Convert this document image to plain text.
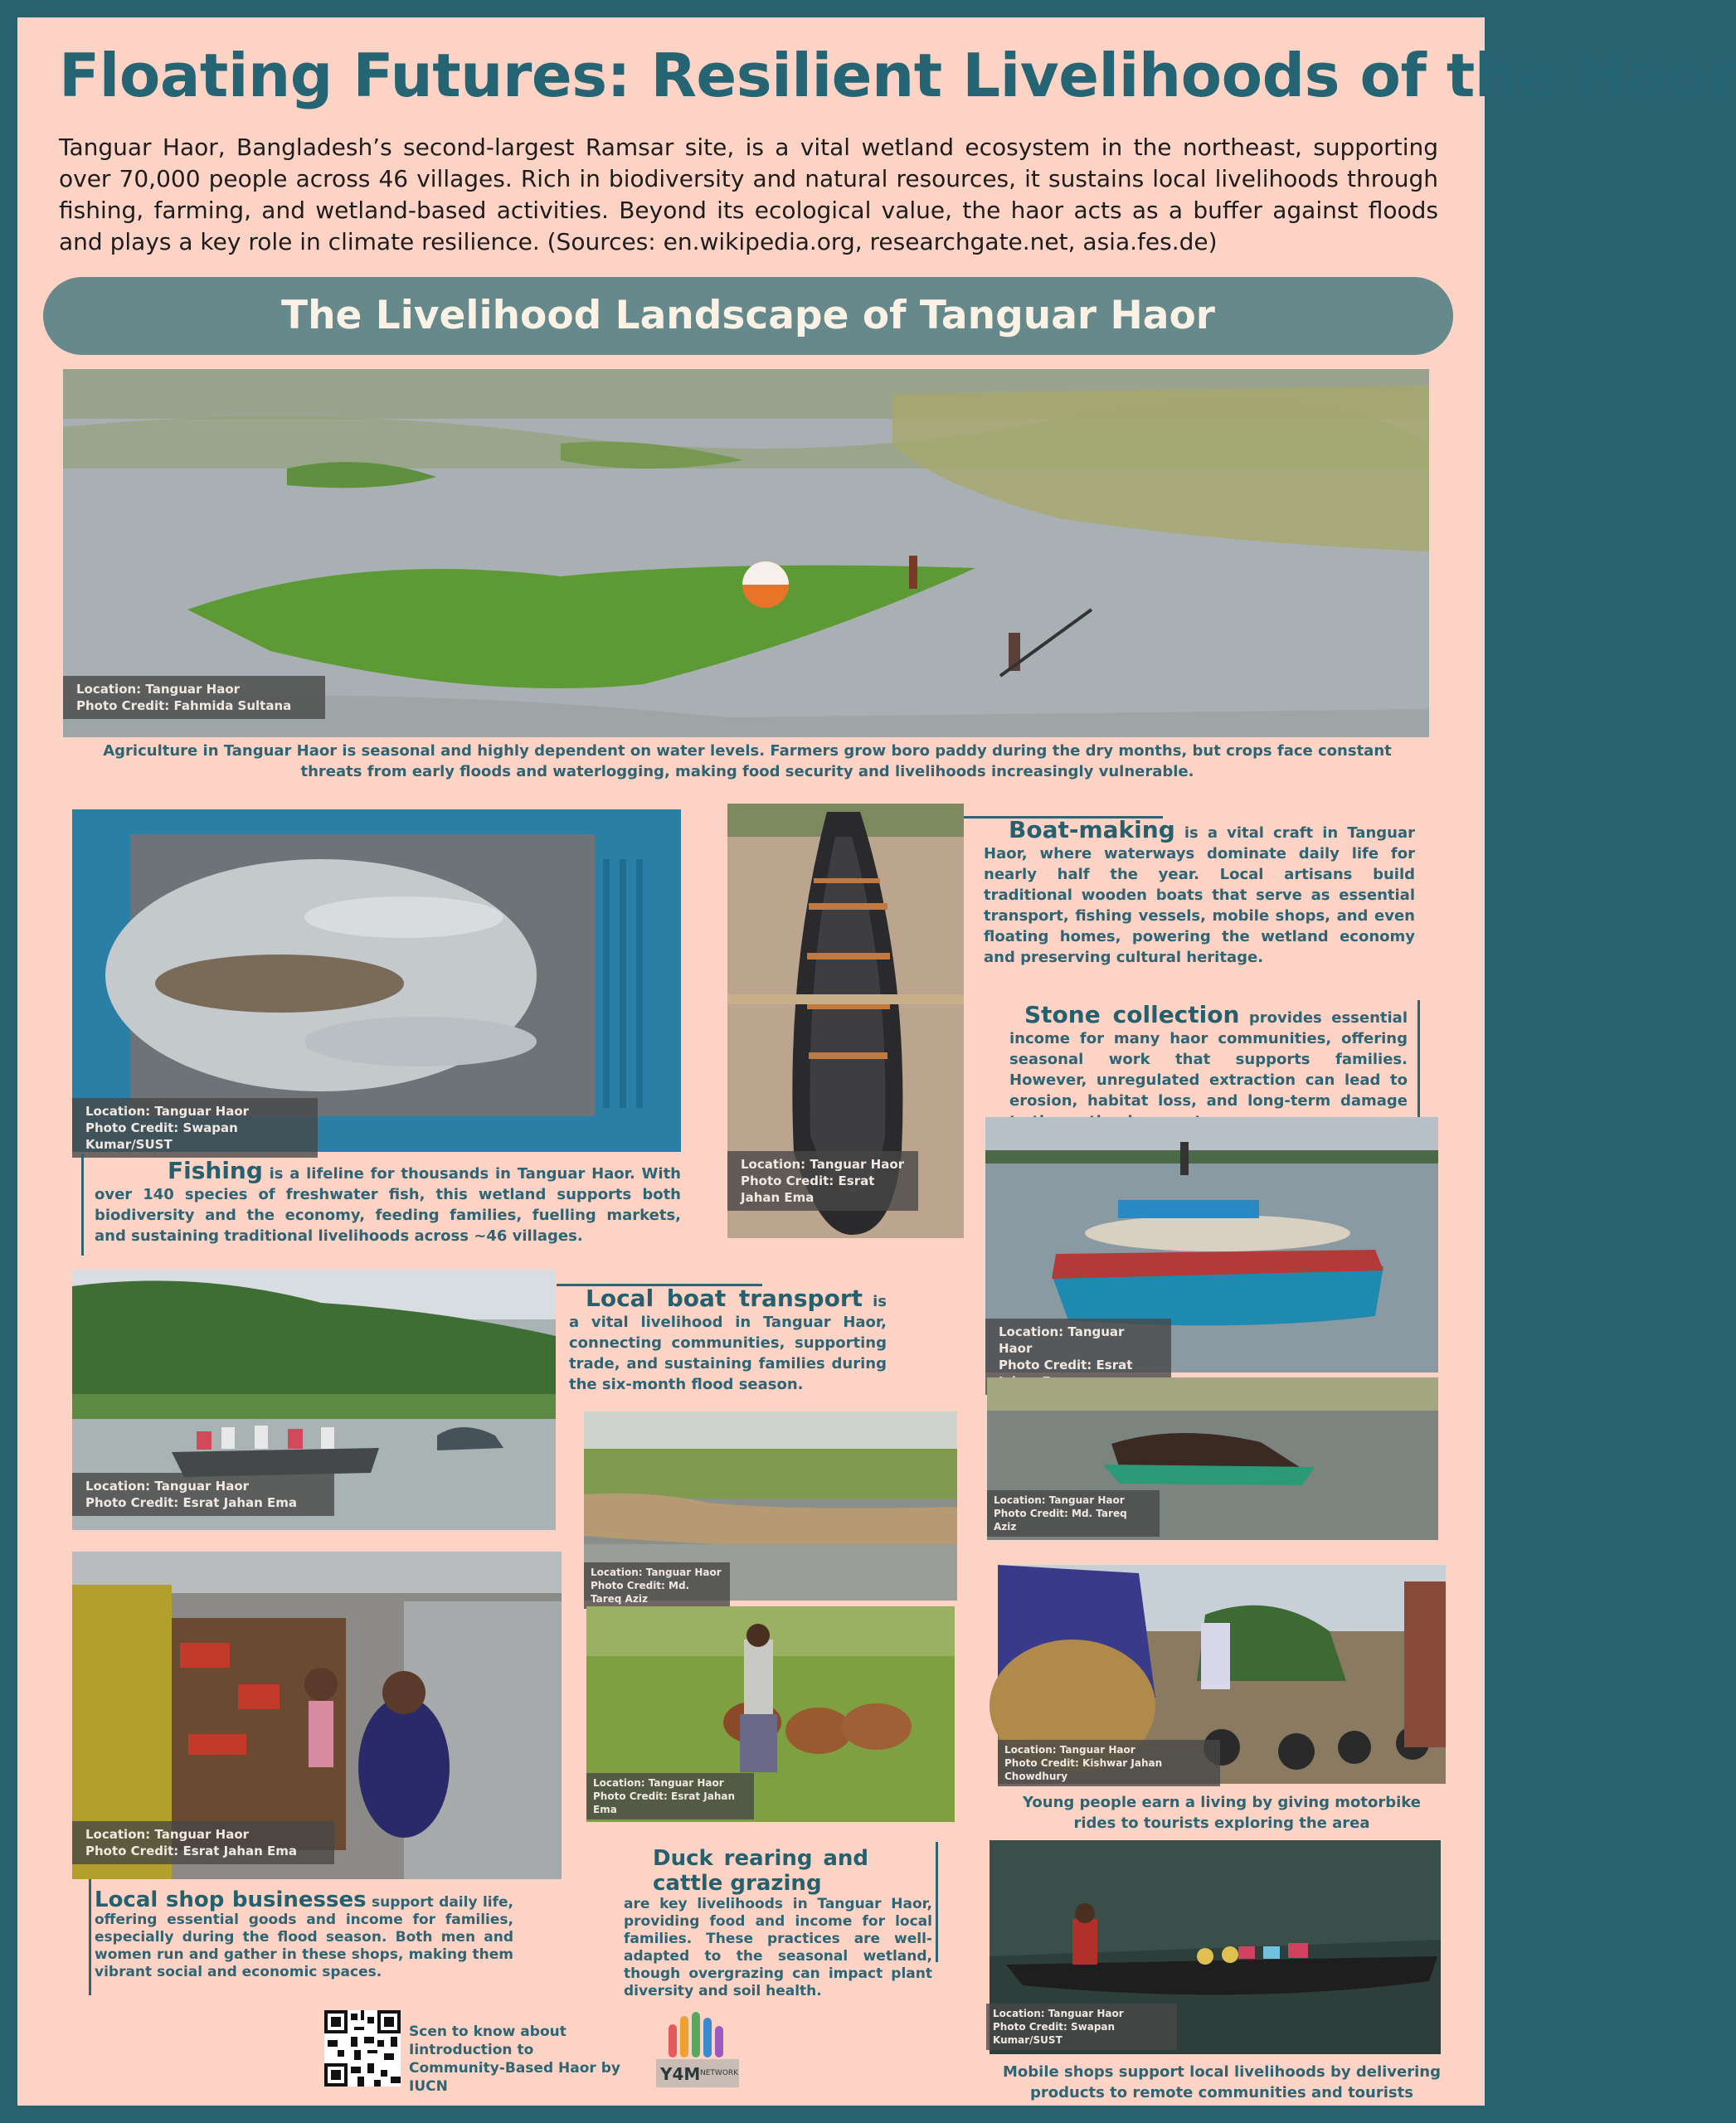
Floating Futures: Resilient Livelihoods of the Haor

Tanguar Haor, Bangladesh’s second-largest Ramsar site, is a vital wetland ecosystem in the northeast, supporting over 70,000 people across 46 villages. Rich in biodiversity and natural resources, it sustains local livelihoods through fishing, farming, and wetland-based activities. Beyond its ecological value, the haor acts as a buffer against floods and plays a key role in climate resilience. (Sources: en.wikipedia.org, researchgate.net, asia.fes.de)

The Livelihood Landscape of Tanguar Haor
Location: Tanguar Haor
Photo Credit: Fahmida Sultana
Agriculture in Tanguar Haor is seasonal and highly dependent on water levels. Farmers grow boro paddy during the dry months, but crops face constant threats from early floods and waterlogging, making food security and livelihoods increasingly vulnerable.
Location: Tanguar Haor
Photo Credit: Swapan Kumar/SUST
Fishing is a lifeline for thousands in Tanguar Haor. With over 140 species of freshwater fish, this wetland supports both biodiversity and the economy, feeding families, fuelling markets, and sustaining traditional livelihoods across ~46 villages.
Location: Tanguar Haor
Photo Credit: Esrat Jahan Ema
Boat-making is a vital craft in Tanguar Haor, where waterways dominate daily life for nearly half the year. Local artisans build traditional wooden boats that serve as essential transport, fishing vessels, mobile shops, and even floating homes, powering the wetland economy and preserving cultural heritage.
Stone collection provides essential income for many haor communities, offering seasonal work that supports families. However, unregulated extraction can lead to erosion, habitat loss, and long-term damage
Location: Tanguar Haor
Photo Credit: Esrat
Location: Tanguar Haor
Photo Credit: Esrat Jahan Ema
Local boat transport is a vital livelihood in Tanguar Haor, connecting communities, supporting trade, and sustaining families during the six-month flood season.
Location: Tanguar Haor
Photo Credit: Md. Tareq Aziz
Location: Tanguar Haor
Photo Credit: Md. Tareq Aziz
Location: Tanguar Haor
Photo Credit: Esrat Jahan Ema
Local shop businesses support daily life, offering essential goods and income for families, especially during the flood season. Both men and women run and gather in these shops, making them vibrant social and economic spaces.
Location: Tanguar Haor
Photo Credit: Esrat Jahan Ema
Duck rearing and cattle grazing
are key livelihoods in Tanguar Haor, providing food and income for local families. These practices are well-adapted to the seasonal wetland, though overgrazing can impact plant diversity and soil health.
Location: Tanguar Haor
Photo Credit: Kishwar Jahan Chowdhury
Young people earn a living by giving motorbike rides to tourists exploring the area
Location: Tanguar Haor
Photo Credit: Swapan Kumar/SUST
Mobile shops support local livelihoods by delivering products to remote communities and tourists
Scen to know about Iintroduction to Community-Based Haor by IUCN
Y4M NETWORK
